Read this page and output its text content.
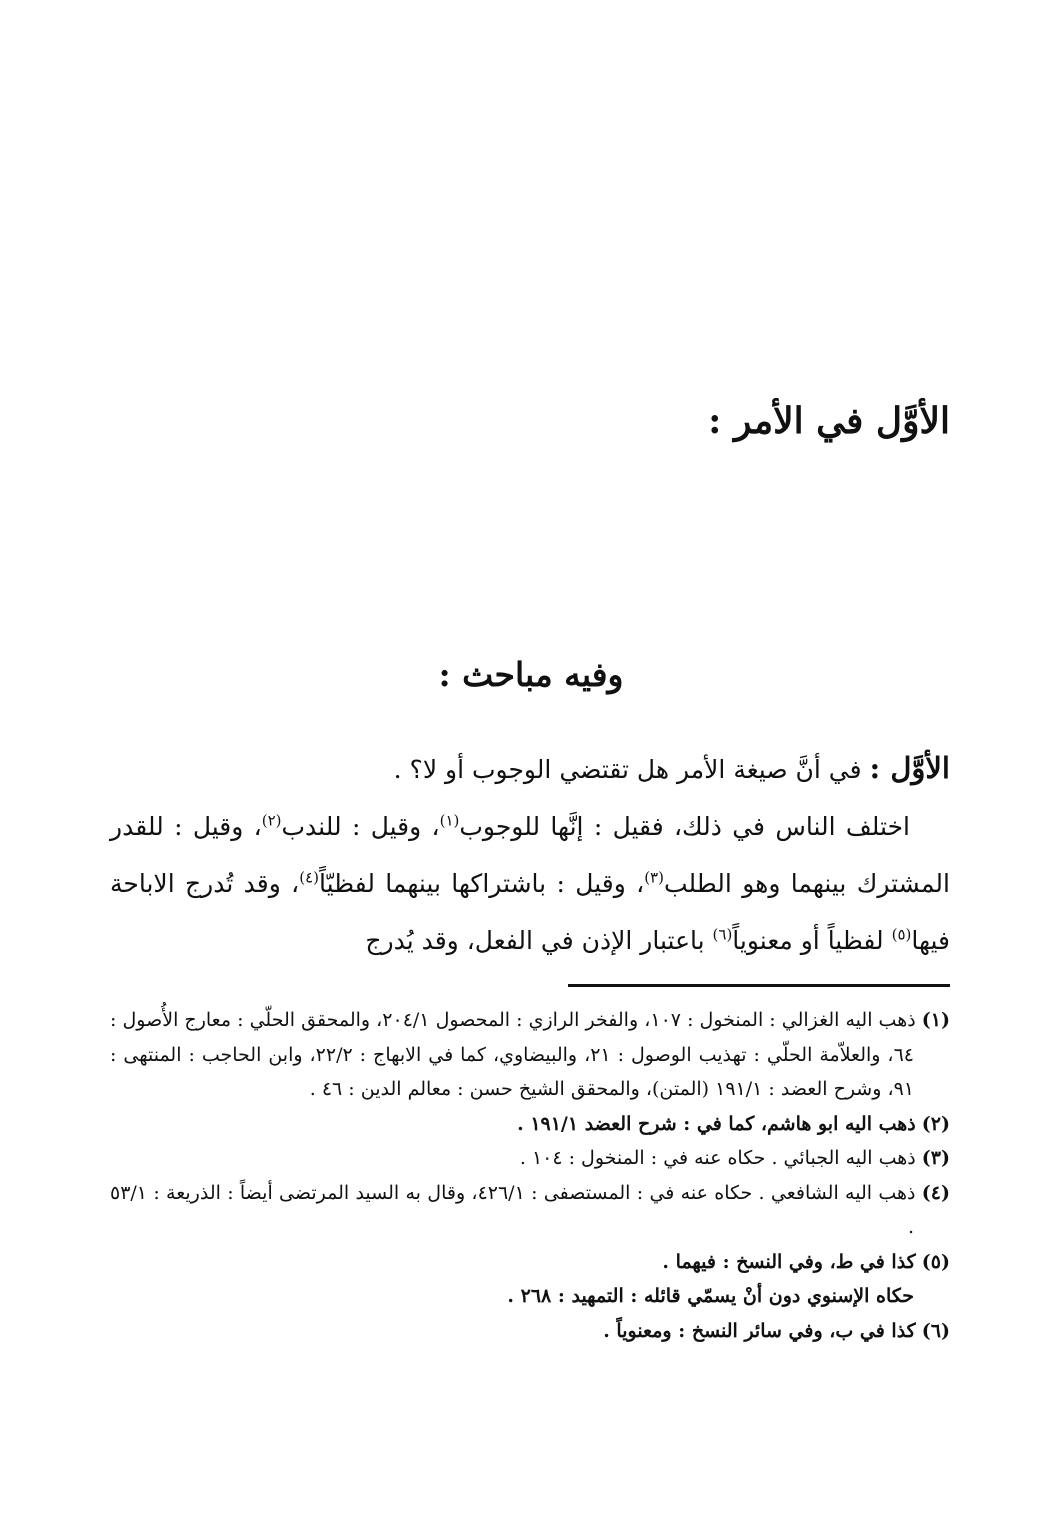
الأوَّل في الأمر :
وفيه مباحث :

الأوَّل : في أنَّ صيغة الأمر هل تقتضي الوجوب أو لا؟ .

اختلف الناس في ذلك، فقيل : إنَّها للوجوب$^{(١)}$، وقيل : للندب$^{(٢)}$، وقيل : للقدر المشترك بينهما وهو الطلب$^{(٣)}$، وقيل : باشتراكها بينهما لفظيّاً$^{(٤)}$، وقد تُدرج الاباحة فيها$^{(٥)}$ لفظياً أو معنوياً$^{(٦)}$ باعتبار الإذن في الفعل، وقد يُدرج

(١) ذهب اليه الغزالي : المنخول : ١٠٧، والفخر الرازي : المحصول ٢٠٤/١، والمحقق الحلّي : معارج الأُصول : ٦٤، والعلاّمة الحلّي : تهذيب الوصول : ٢١، والبيضاوي، كما في الابهاج : ٢٢/٢، وابن الحاجب : المنتهى : ٩١، وشرح العضد : ١٩١/١ (المتن)، والمحقق الشيخ حسن : معالم الدين : ٤٦ .

(٢) ذهب اليه ابو هاشم، كما في : شرح العضد ١٩١/١ .

(٣) ذهب اليه الجبائي . حكاه عنه في : المنخول : ١٠٤ .

(٤) ذهب اليه الشافعي . حكاه عنه في : المستصفى : ٤٢٦/١، وقال به السيد المرتضى أيضاً : الذريعة : ٥٣/١ .

(٥) كذا في ط، وفي النسخ : فيهما .

حكاه الإسنوي دون أنْ يسمّي قائله : التمهيد : ٢٦٨ .

(٦) كذا في ب، وفي سائر النسخ : ومعنوياً .
